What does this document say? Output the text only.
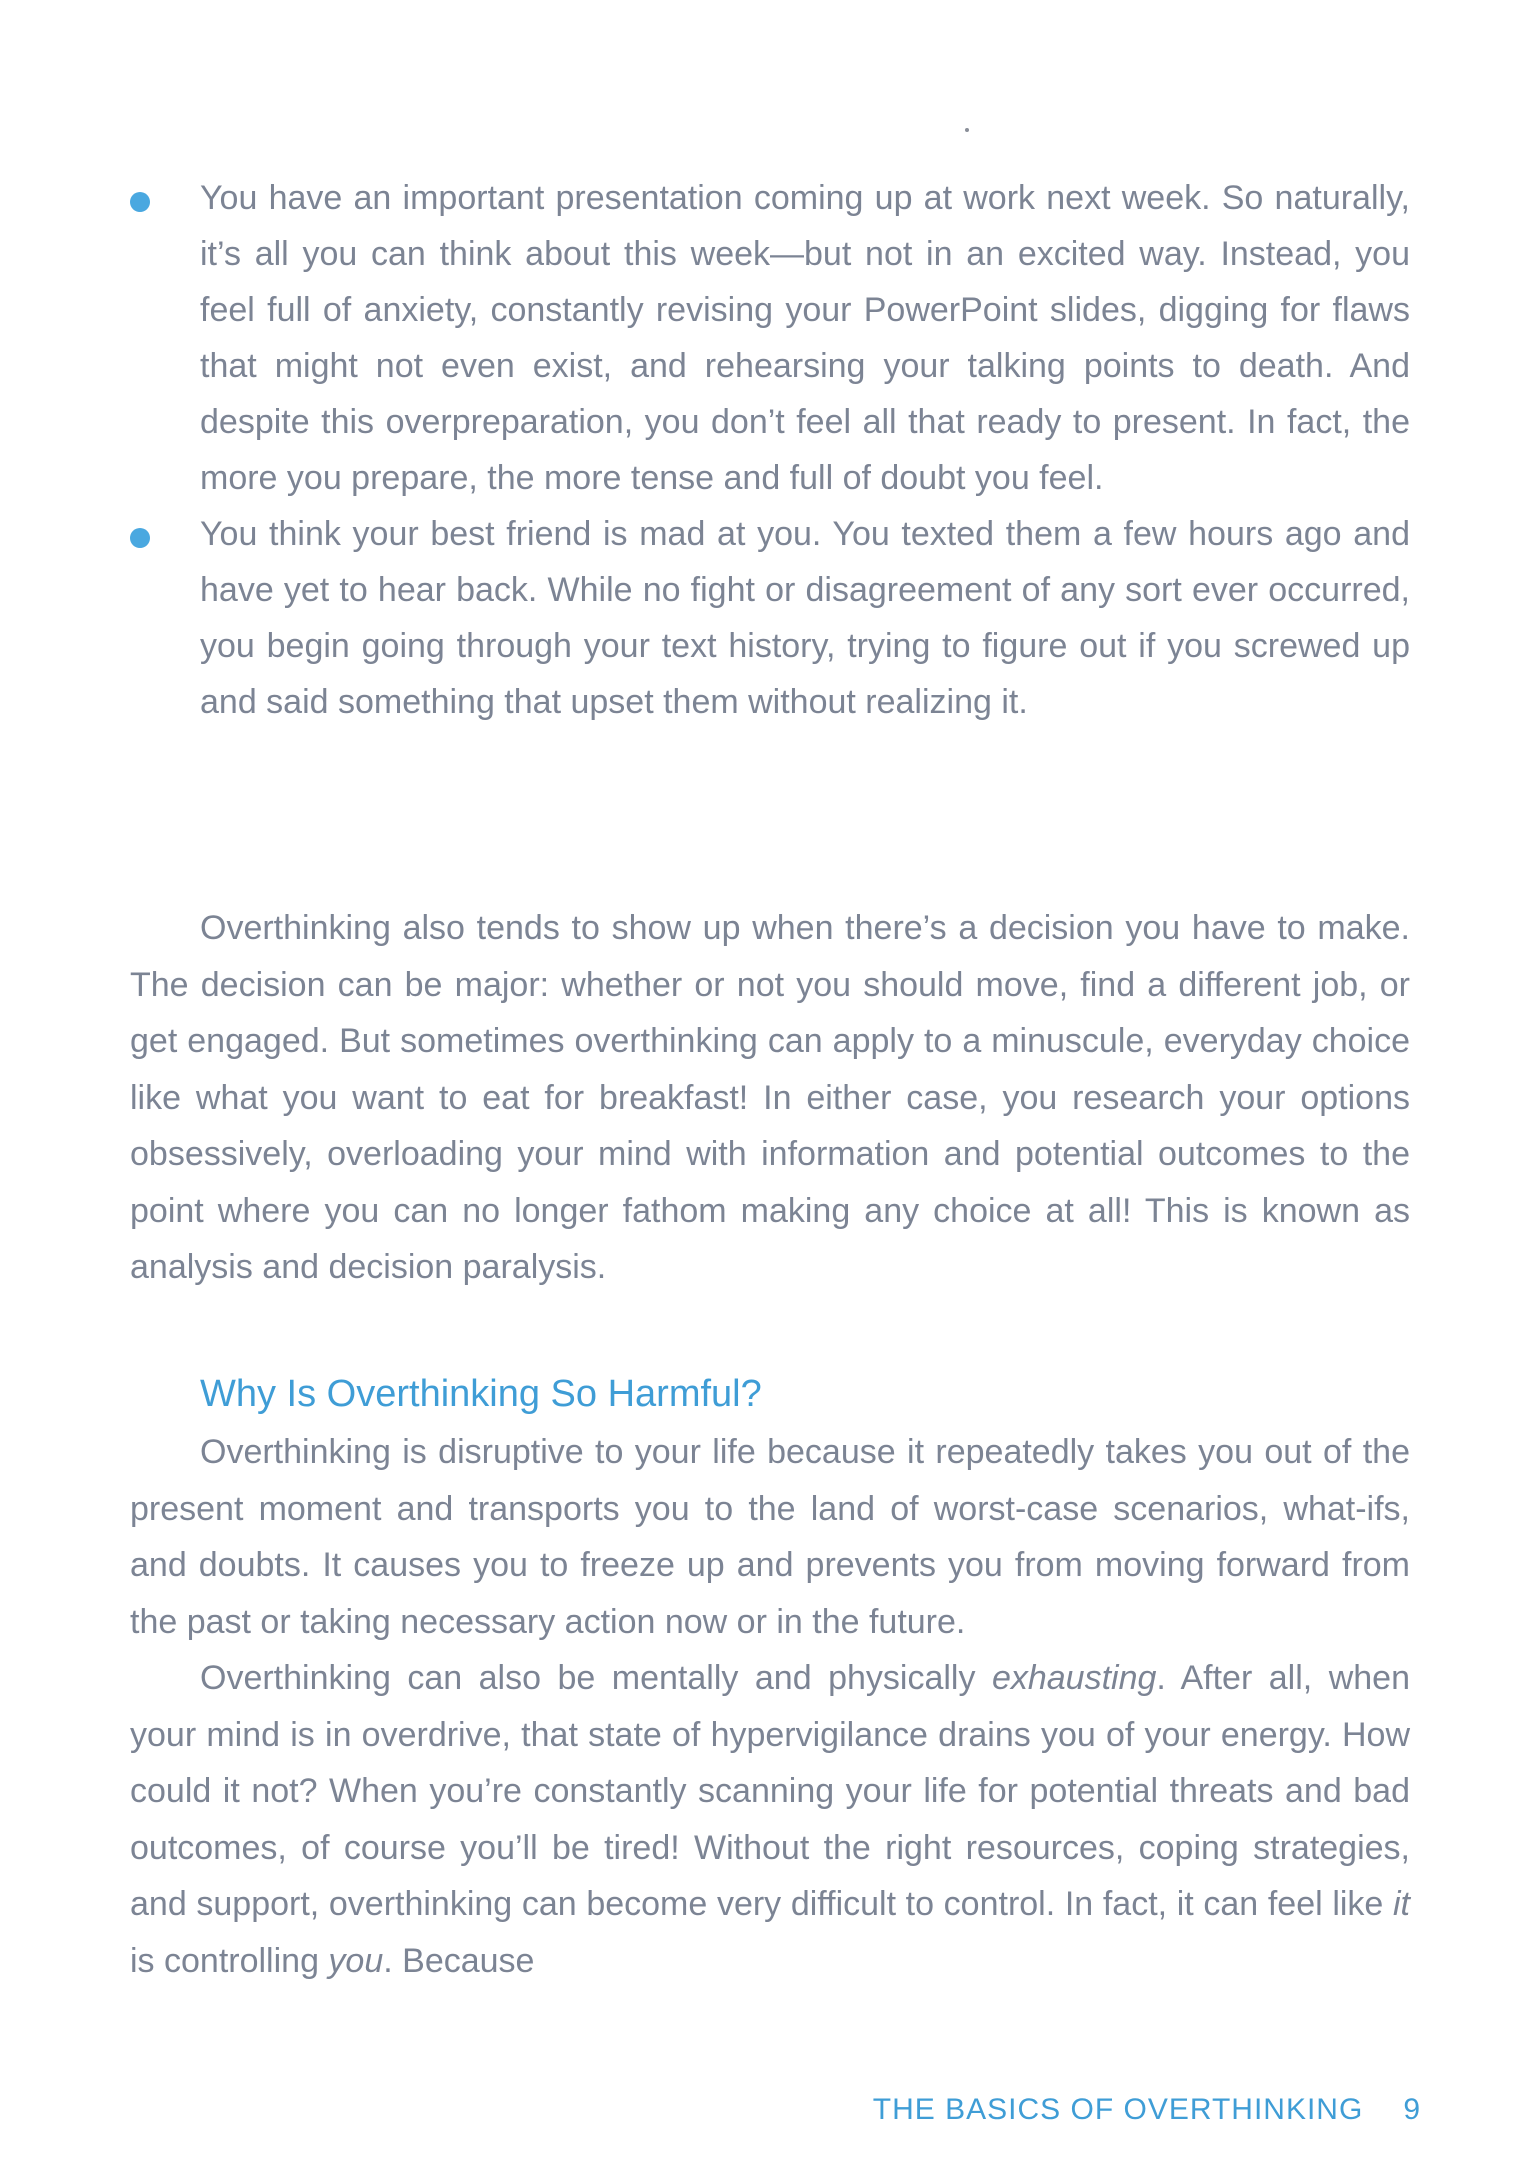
You have an important presentation coming up at work next week. So naturally, it’s all you can think about this week—but not in an excited way. Instead, you feel full of anxiety, constantly revising your PowerPoint slides, digging for flaws that might not even exist, and rehearsing your talking points to death. And despite this overpreparation, you don’t feel all that ready to present. In fact, the more you prepare, the more tense and full of doubt you feel.
You think your best friend is mad at you. You texted them a few hours ago and have yet to hear back. While no fight or disagreement of any sort ever occurred, you begin going through your text history, trying to figure out if you screwed up and said something that upset them without realizing it.

Overthinking also tends to show up when there’s a decision you have to make. The decision can be major: whether or not you should move, find a different job, or get engaged. But sometimes overthinking can apply to a minuscule, everyday choice like what you want to eat for breakfast! In either case, you research your options obsessively, overloading your mind with information and potential outcomes to the point where you can no longer fathom making any choice at all! This is known as analysis and decision paralysis.

Why Is Overthinking So Harmful?

Overthinking is disruptive to your life because it repeatedly takes you out of the present moment and transports you to the land of worst-case scenarios, what-ifs, and doubts. It causes you to freeze up and prevents you from moving forward from the past or taking necessary action now or in the future.

Overthinking can also be mentally and physically exhausting. After all, when your mind is in overdrive, that state of hypervigilance drains you of your energy. How could it not? When you’re constantly scanning your life for potential threats and bad outcomes, of course you’ll be tired! Without the right resources, coping strategies, and support, overthinking can become very difficult to control. In fact, it can feel like it is controlling you. Because

THE BASICS OF OVERTHINKING 9
